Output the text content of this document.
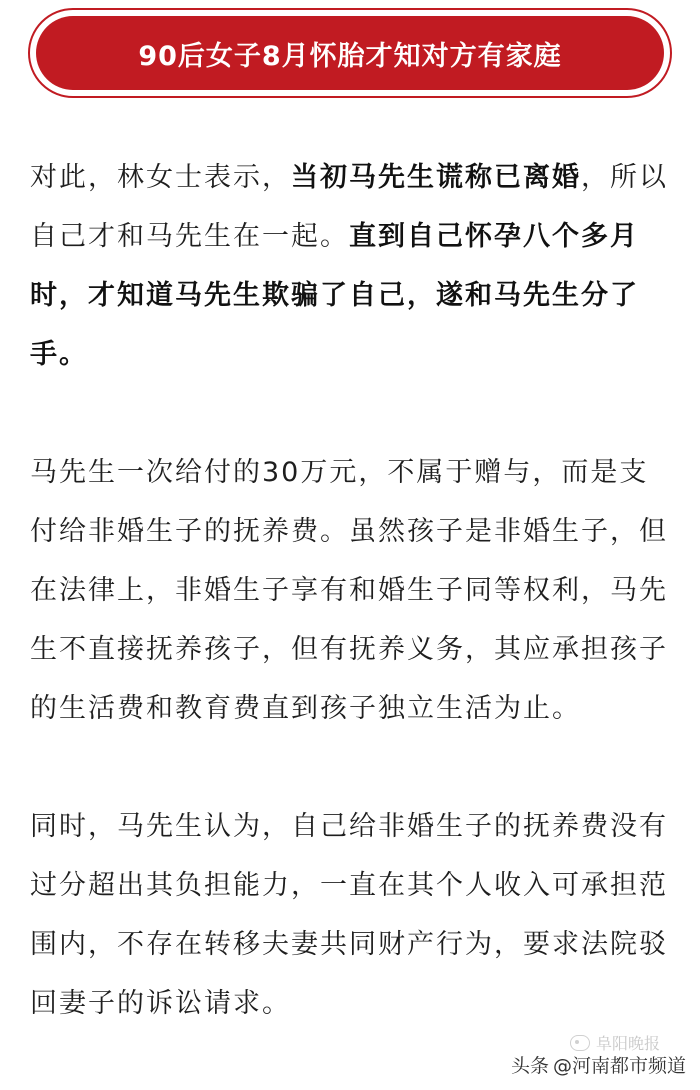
90后女子8月怀胎才知对方有家庭

对此，林女士表示，当初马先生谎称已离婚，所以自己才和马先生在一起。直到自己怀孕八个多月时，才知道马先生欺骗了自己，遂和马先生分了手。

马先生一次给付的30万元，不属于赠与，而是支付给非婚生子的抚养费。虽然孩子是非婚生子，但在法律上，非婚生子享有和婚生子同等权利，马先生不直接抚养孩子，但有抚养义务，其应承担孩子的生活费和教育费直到孩子独立生活为止。

同时，马先生认为，自己给非婚生子的抚养费没有过分超出其负担能力，一直在其个人收入可承担范围内，不存在转移夫妻共同财产行为，要求法院驳回妻子的诉讼请求。

阜阳晚报
头条 @河南都市频道
